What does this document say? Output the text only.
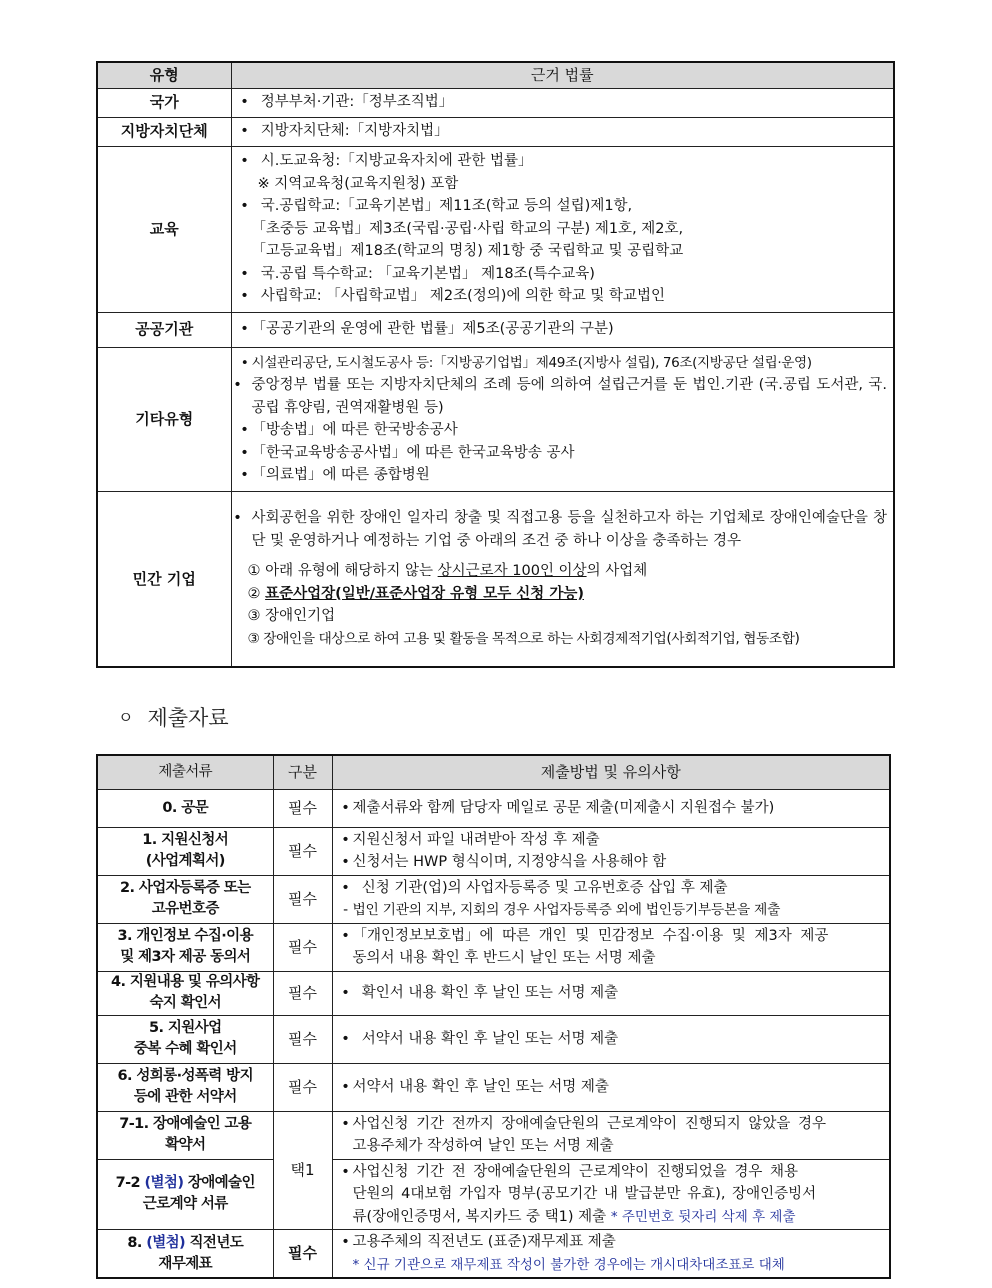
유형	근거 법률
국가	• 정부부처·기관:「정부조직법」

지방자치단체	• 지방자치단체:「지방자치법」

교육	
• 시.도교육청:「지방교육자치에 관한 법률」
※ 지역교육청(교육지원청) 포함
• 국.공립학교:「교육기본법」제11조(학교 등의 설립)제1항,
「초중등 교육법」제3조(국립·공립·사립 학교의 구분) 제1호, 제2호,
「고등교육법」제18조(학교의 명칭) 제1항 중 국립학교 및 공립학교
• 국.공립 특수학교: 「교육기본법」 제18조(특수교육)
• 사립학교: 「사립학교법」 제2조(정의)에 의한 학교 및 학교법인

공공기관	• 「공공기관의 운영에 관한 법률」제5조(공공기관의 구분)

기타유형	• 시설관리공단, 도시철도공사 등:「지방공기업법」제49조(지방사 설립), 76조(지방공단 설립·운영)
• 중앙정부 법률 또는 지방자치단체의 조례 등에 의하여 설립근거를 둔 법인.기관 (국.공립 도서관, 국.공립 휴양림, 권역재활병원 등)
• 「방송법」에 따른 한국방송공사
• 「한국교육방송공사법」에 따른 한국교육방송 공사
• 「의료법」에 따른 종합병원

민간 기업	• 사회공헌을 위한 장애인 일자리 창출 및 직접고용 등을 실천하고자 하는 기업체로 장애인예술단을 창단 및 운영하거나 예정하는 기업 중 아래의 조건 중 하나 이상을 충족하는 경우
① 아래 유형에 해당하지 않는 상시근로자 100인 이상의 사업체
② 표준사업장(일반/표준사업장 유형 모두 신청 가능)
③ 장애인기업
③ 장애인을 대상으로 하여 고용 및 활동을 목적으로 하는 사회경제적기업(사회적기업, 협동조합)
ㅇ 제출자료
제출서류	구분	제출방법 및 유의사항
0. 공문	필수	• 제출서류와 함께 담당자 메일로 공문 제출(미제출시 지원접수 불가)

1. 지원신청서
(사업계획서)	필수	• 지원신청서 파일 내려받아 작성 후 제출
• 신청서는 HWP 형식이며, 지정양식을 사용해야 함

2. 사업자등록증 또는
고유번호증	필수	• 신청 기관(업)의 사업자등록증 및 고유번호증 삽입 후 제출
- 법인 기관의 지부, 지회의 경우 사업자등록증 외에 법인등기부등본을 제출

3. 개인정보 수집·이용
및 제3자 제공 동의서	필수	• 「개인정보보호법」에 따른 개인 및 민감정보 수집·이용 및 제3자 제공
동의서 내용 확인 후 반드시 날인 또는 서명 제출

4. 지원내용 및 유의사항
숙지 확인서	필수	• 확인서 내용 확인 후 날인 또는 서명 제출

5. 지원사업
중복 수혜 확인서	필수	• 서약서 내용 확인 후 날인 또는 서명 제출

6. 성희롱·성폭력 방지
등에 관한 서약서	필수	• 서약서 내용 확인 후 날인 또는 서명 제출

7-1. 장애예술인 고용
확약서	택1	• 사업신청 기간 전까지 장애예술단원의 근로계약이 진행되지 않았을 경우
고용주체가 작성하여 날인 또는 서명 제출

7-2 (별첨) 장애예술인
근로계약 서류		• 사업신청 기간 전 장애예술단원의 근로계약이 진행되었을 경우 채용
단원의 4대보험 가입자 명부(공모기간 내 발급분만 유효), 장애인증빙서
류(장애인증명서, 복지카드 중 택1) 제출 * 주민번호 뒷자리 삭제 후 제출

8. (별첨) 직전년도
재무제표	필수	• 고용주체의 직전년도 (표준)재무제표 제출
* 신규 기관으로 재무제표 작성이 불가한 경우에는 개시대차대조표로 대체
